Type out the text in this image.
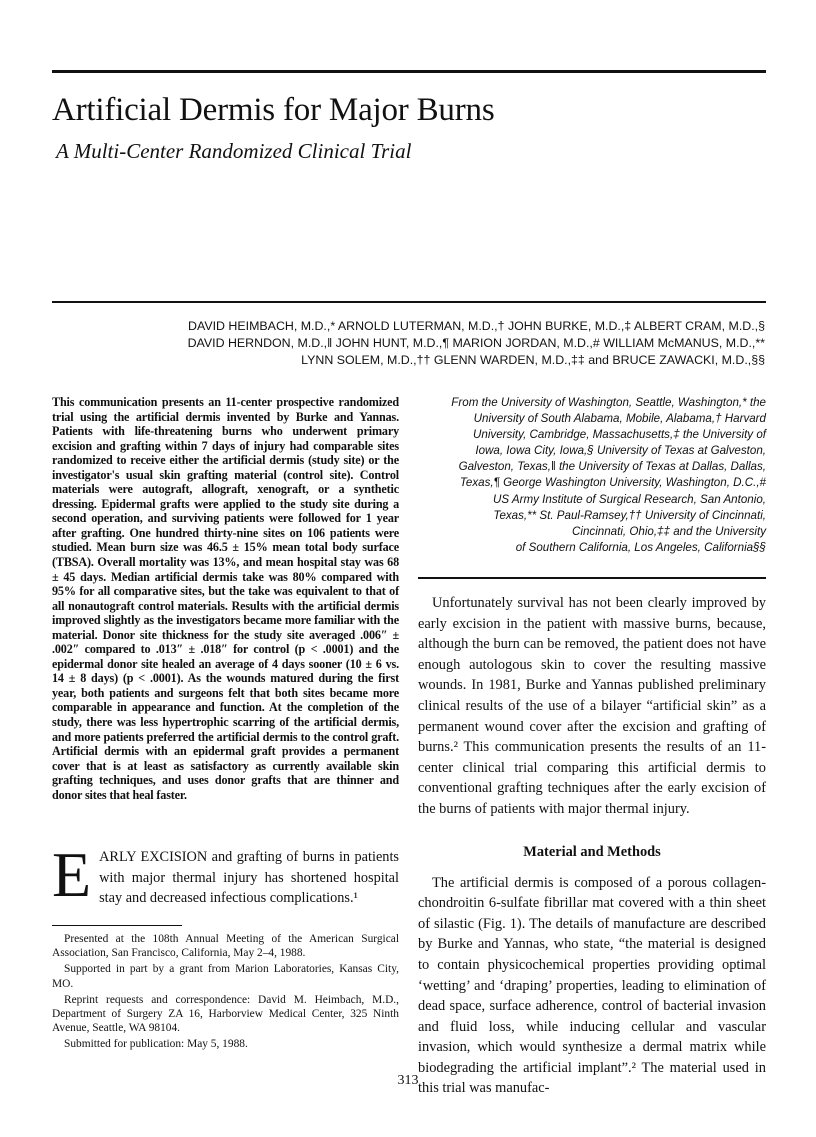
Artificial Dermis for Major Burns
A Multi-Center Randomized Clinical Trial
DAVID HEIMBACH, M.D.,* ARNOLD LUTERMAN, M.D.,† JOHN BURKE, M.D.,‡ ALBERT CRAM, M.D.,§
DAVID HERNDON, M.D.,‖ JOHN HUNT, M.D.,¶ MARION JORDAN, M.D.,# WILLIAM McMANUS, M.D.,**
LYNN SOLEM, M.D.,†† GLENN WARDEN, M.D.,‡‡ and BRUCE ZAWACKI, M.D.,§§

This communication presents an 11-center prospective randomized trial using the artificial dermis invented by Burke and Yannas. Patients with life-threatening burns who underwent primary excision and grafting within 7 days of injury had comparable sites randomized to receive either the artificial dermis (study site) or the investigator's usual skin grafting material (control site). Control materials were autograft, allograft, xenograft, or a synthetic dressing. Epidermal grafts were applied to the study site during a second operation, and surviving patients were followed for 1 year after grafting. One hundred thirty-nine sites on 106 patients were studied. Mean burn size was 46.5 ± 15% mean total body surface (TBSA). Overall mortality was 13%, and mean hospital stay was 68 ± 45 days. Median artificial dermis take was 80% compared with 95% for all comparative sites, but the take was equivalent to that of all nonautograft control materials. Results with the artificial dermis improved slightly as the investigators became more familiar with the material. Donor site thickness for the study site averaged .006″ ± .002″ compared to .013″ ± .018″ for control (p < .0001) and the epidermal donor site healed an average of 4 days sooner (10 ± 6 vs. 14 ± 8 days) (p < .0001). As the wounds matured during the first year, both patients and surgeons felt that both sites became more comparable in appearance and function. At the completion of the study, there was less hypertrophic scarring of the artificial dermis, and more patients preferred the artificial dermis to the control graft. Artificial dermis with an epidermal graft provides a permanent cover that is at least as satisfactory as currently available skin grafting techniques, and uses donor grafts that are thinner and donor sites that heal faster.

From the University of Washington, Seattle, Washington,* the
University of South Alabama, Mobile, Alabama,† Harvard
University, Cambridge, Massachusetts,‡ the University of
Iowa, Iowa City, Iowa,§ University of Texas at Galveston,
Galveston, Texas,‖ the University of Texas at Dallas, Dallas,
Texas,¶ George Washington University, Washington, D.C.,#
US Army Institute of Surgical Research, San Antonio,
Texas,** St. Paul-Ramsey,†† University of Cincinnati,
Cincinnati, Ohio,‡‡ and the University
of Southern California, Los Angeles, California§§

EARLY EXCISION and grafting of burns in patients with major thermal injury has shortened hospital stay and decreased infectious complications.¹

Presented at the 108th Annual Meeting of the American Surgical Association, San Francisco, California, May 2–4, 1988.

Supported in part by a grant from Marion Laboratories, Kansas City, MO.

Reprint requests and correspondence: David M. Heimbach, M.D., Department of Surgery ZA 16, Harborview Medical Center, 325 Ninth Avenue, Seattle, WA 98104.

Submitted for publication: May 5, 1988.

Unfortunately survival has not been clearly improved by early excision in the patient with massive burns, because, although the burn can be removed, the patient does not have enough autologous skin to cover the resulting massive wounds. In 1981, Burke and Yannas published preliminary clinical results of the use of a bilayer “artificial skin” as a permanent wound cover after the excision and grafting of burns.² This communication presents the results of an 11-center clinical trial comparing this artificial dermis to conventional grafting techniques after the early excision of the burns of patients with major thermal injury.

Material and Methods

The artificial dermis is composed of a porous collagen-chondroitin 6-sulfate fibrillar mat covered with a thin sheet of silastic (Fig. 1). The details of manufacture are described by Burke and Yannas, who state, “the material is designed to contain physicochemical properties providing optimal ‘wetting’ and ‘draping’ properties, leading to elimination of dead space, surface adherence, control of bacterial invasion and fluid loss, while inducing cellular and vascular invasion, which would synthesize a dermal matrix while biodegrading the artificial implant”.² The material used in this trial was manufac-

313
